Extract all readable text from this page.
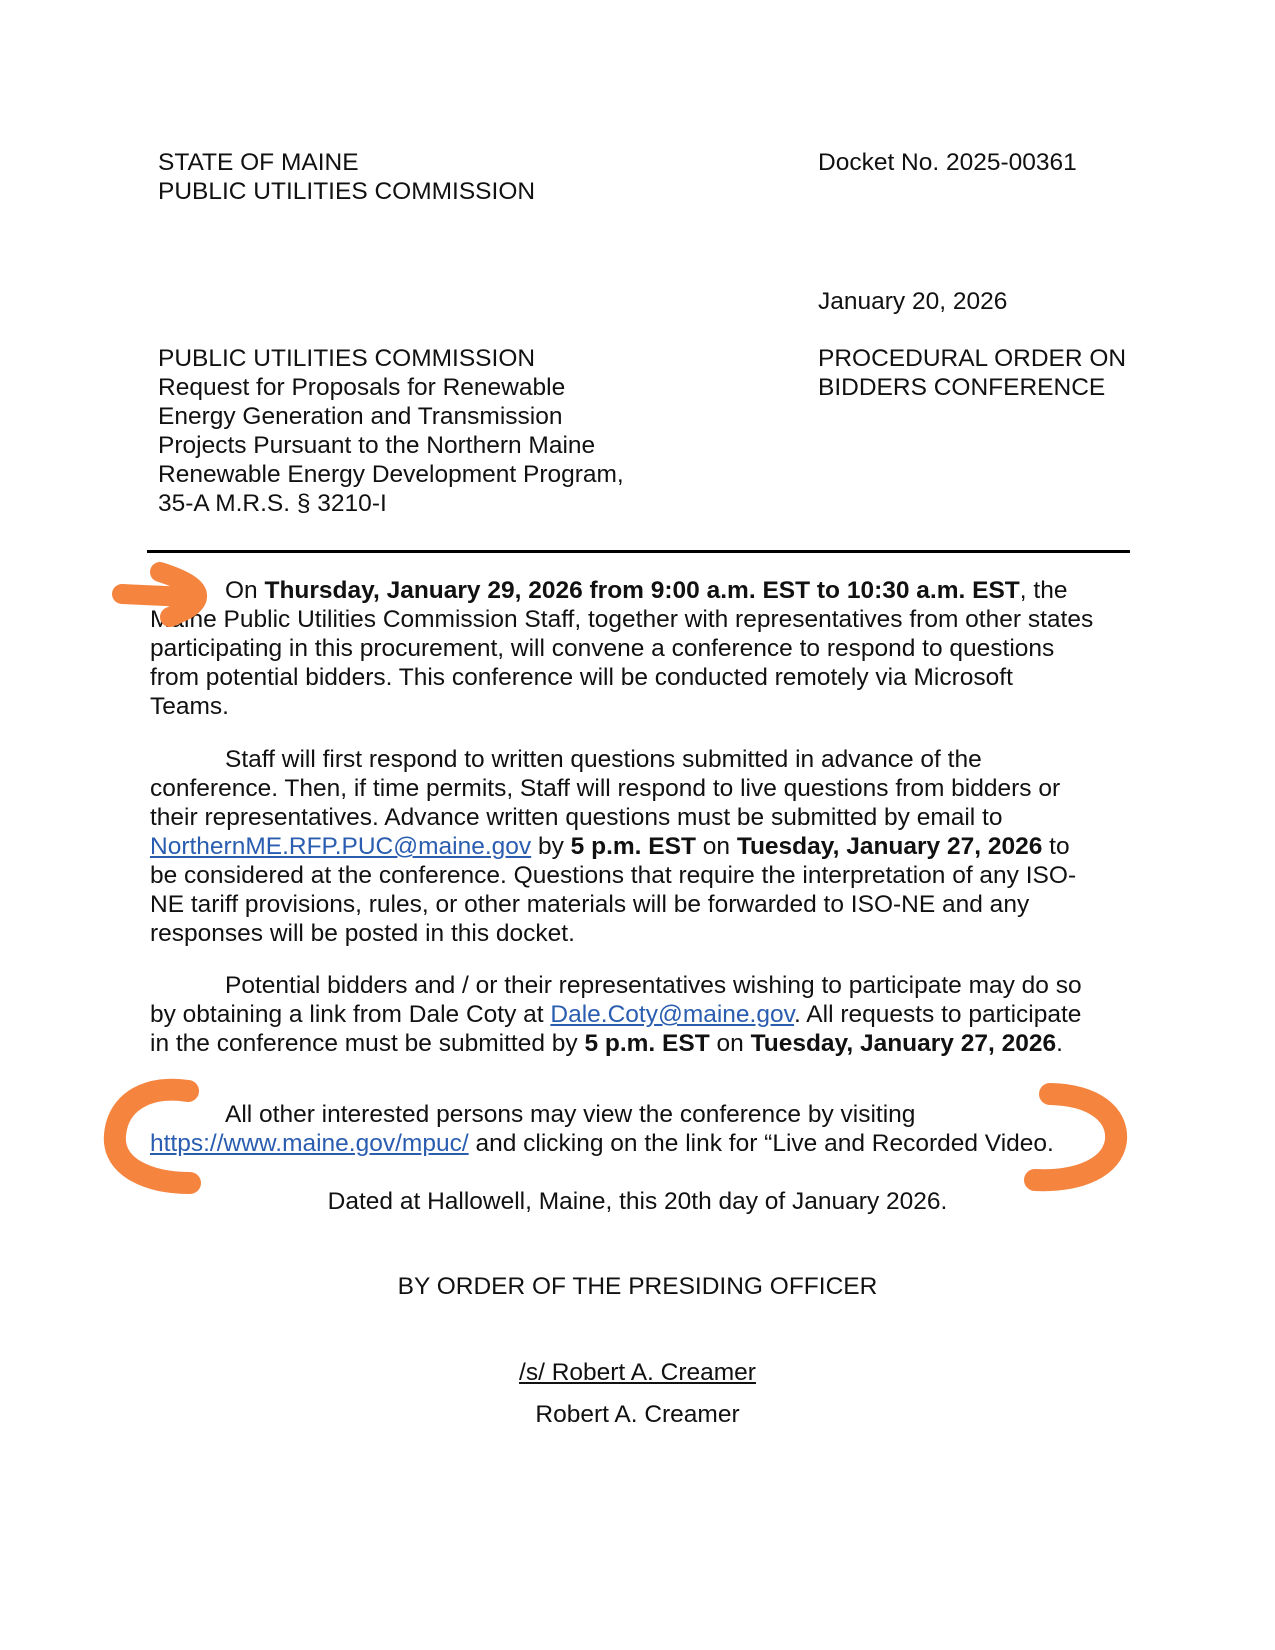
STATE OF MAINE
PUBLIC UTILITIES COMMISSION
Docket No. 2025-00361
January 20, 2026
PUBLIC UTILITIES COMMISSION
Request for Proposals for Renewable
Energy Generation and Transmission
Projects Pursuant to the Northern Maine
Renewable Energy Development Program,
35-A M.R.S. § 3210-I
PROCEDURAL ORDER ON
BIDDERS CONFERENCE
On Thursday, January 29, 2026 from 9:00 a.m. EST to 10:30 a.m. EST, the
Maine Public Utilities Commission Staff, together with representatives from other states
participating in this procurement, will convene a conference to respond to questions
from potential bidders. This conference will be conducted remotely via Microsoft
Teams.
Staff will first respond to written questions submitted in advance of the
conference. Then, if time permits, Staff will respond to live questions from bidders or
their representatives. Advance written questions must be submitted by email to
NorthernME.RFP.PUC@maine.gov by 5 p.m. EST on Tuesday, January 27, 2026 to
be considered at the conference. Questions that require the interpretation of any ISO-
NE tariff provisions, rules, or other materials will be forwarded to ISO-NE and any
responses will be posted in this docket.
Potential bidders and / or their representatives wishing to participate may do so
by obtaining a link from Dale Coty at Dale.Coty@maine.gov. All requests to participate
in the conference must be submitted by 5 p.m. EST on Tuesday, January 27, 2026.
All other interested persons may view the conference by visiting
https://www.maine.gov/mpuc/ and clicking on the link for “Live and Recorded Video.
Dated at Hallowell, Maine, this 20th day of January 2026.
BY ORDER OF THE PRESIDING OFFICER
/s/ Robert A. Creamer
Robert A. Creamer
